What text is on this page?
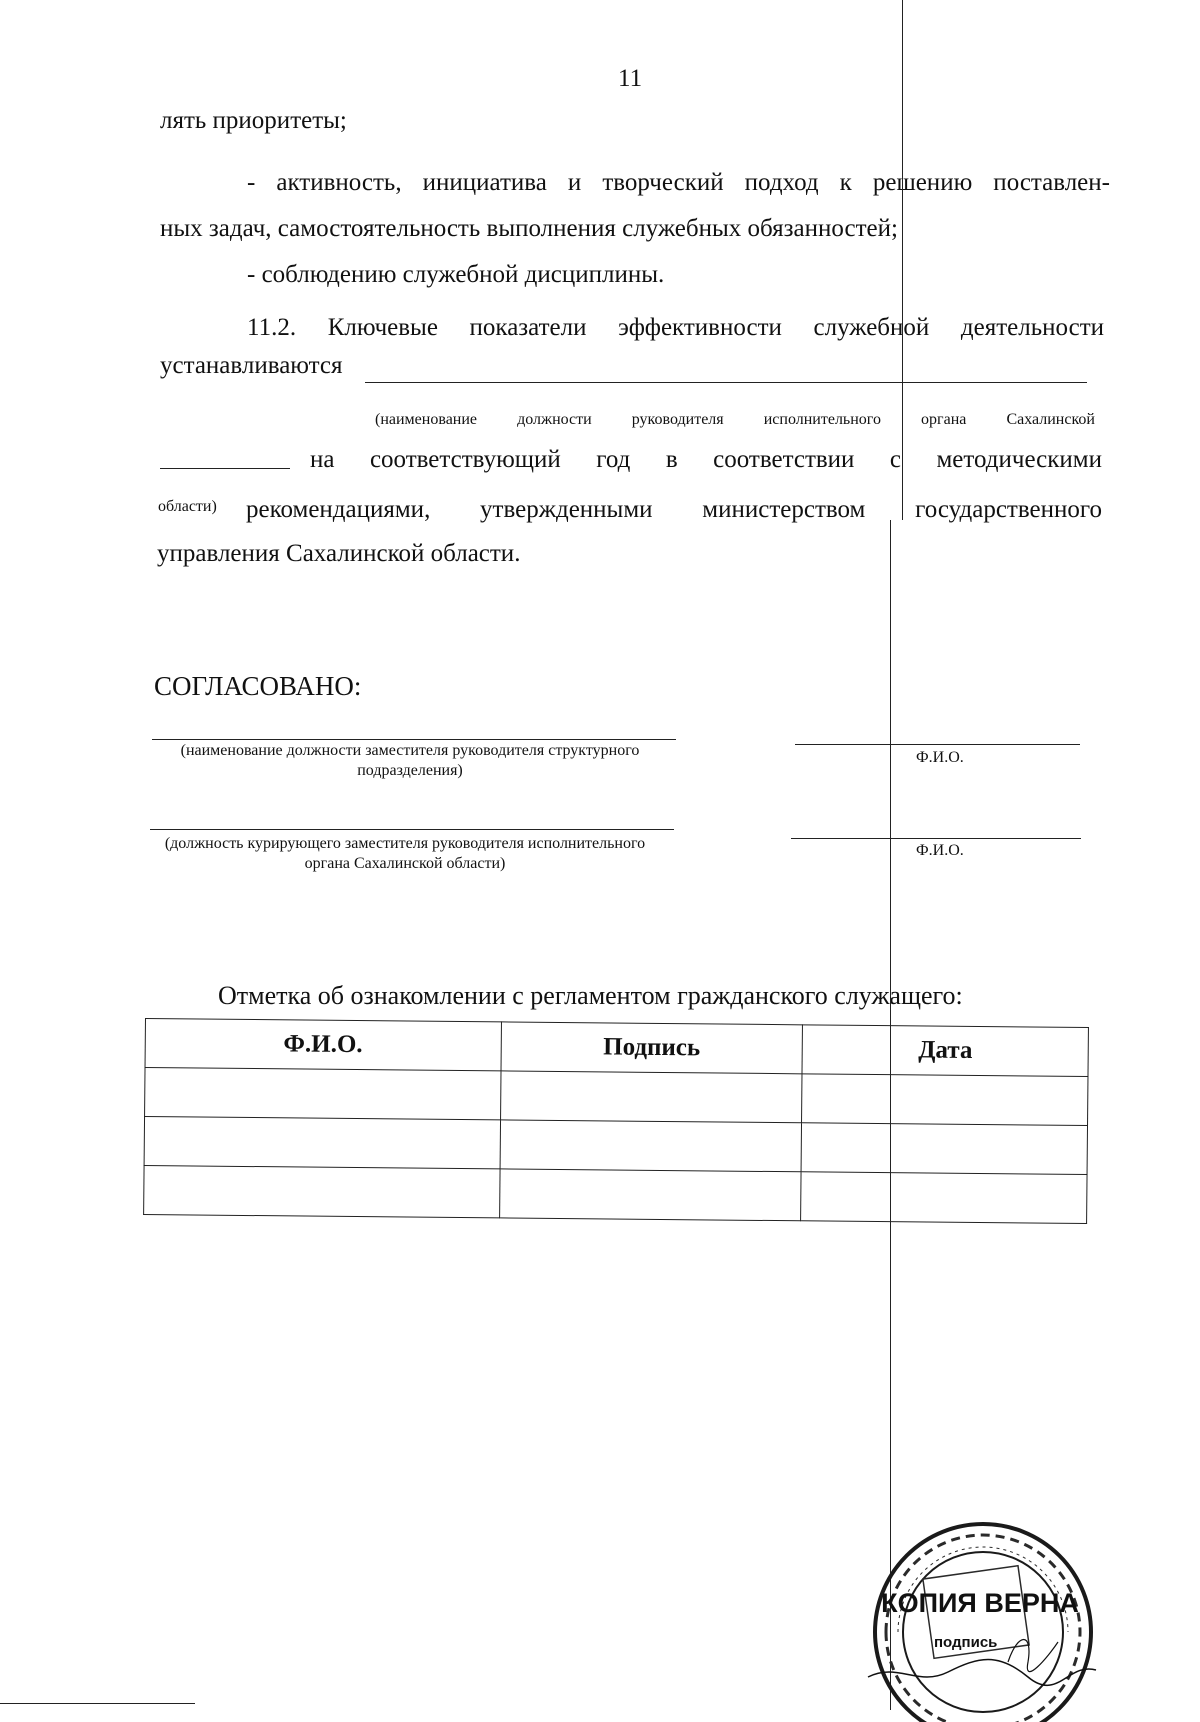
11
лять приоритеты;
- активность, инициатива и творческий подход к решению поставлен-
ных задач, самостоятельность выполнения служебных обязанностей;
- соблюдению служебной дисциплины.
11.2. Ключевые показатели эффективности служебной деятельности
устанавливаются
(наименование должности руководителя исполнительного органа Сахалинской
на соответствующий год в соответствии с методическими
области) рекомендациями, утвержденными министерством государственного
управления Сахалинской области.
СОГЛАСОВАНО:
(наименование должности заместителя руководителя структурного подразделения)
Ф.И.О.
(должность курирующего заместителя руководителя исполнительного органа Сахалинской области)
Ф.И.О.
Отметка об ознакомлении с регламентом гражданского служащего:
Ф.И.О.	Подпись	Дата

КОПИЯ ВЕРНА
подпись
